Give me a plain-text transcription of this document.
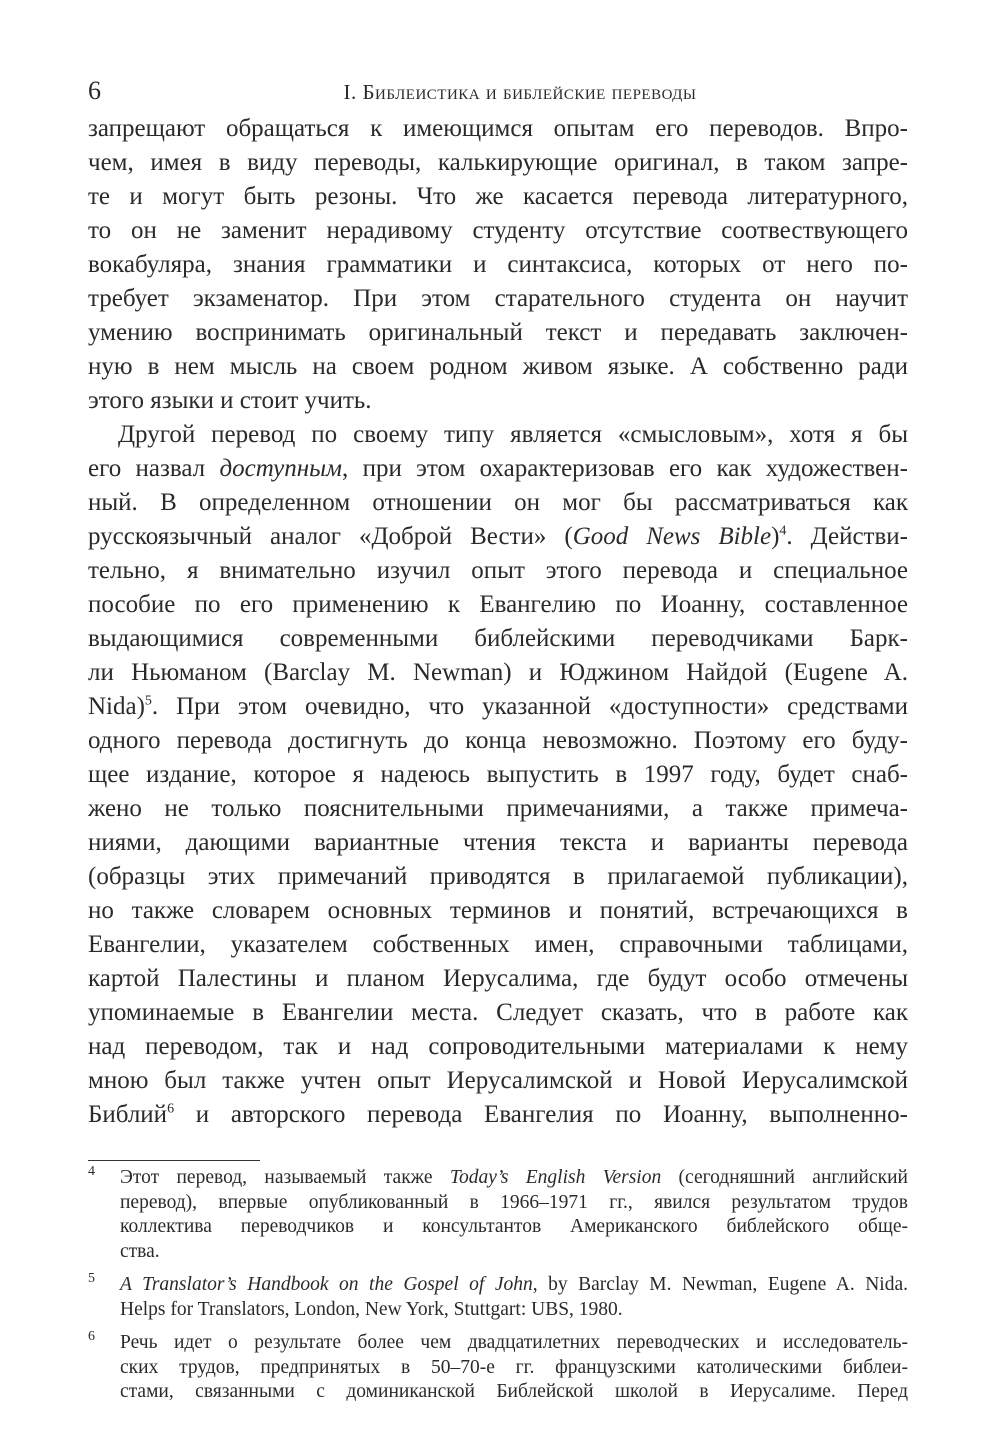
6	I. Библеистика и библейские переводы
запрещают обращаться к имеющимся опытам его переводов. Впро-
чем, имея в виду переводы, калькирующие оригинал, в таком запре-
те и могут быть резоны. Что же касается перевода литературного,
то он не заменит нерадивому студенту отсутствие соотвествующего
вокабуляра, знания грамматики и синтаксиса, которых от него по-
требует экзаменатор. При этом старательного студента он научит
умению воспринимать оригинальный текст и передавать заключен-
ную в нем мысль на своем родном живом языке. А собственно ради
этого языки и стоит учить.
Другой перевод по своему типу является «смысловым», хотя я бы
его назвал доступным, при этом охарактеризовав его как художествен-
ный. В определенном отношении он мог бы рассматриваться как
русскоязычный аналог «Доброй Вести» (Good News Bible)$^4$. Действи-
тельно, я внимательно изучил опыт этого перевода и специальное
пособие по его применению к Евангелию по Иоанну, составленное
выдающимися современными библейскими переводчиками Барк-
ли Ньюманом (Barclay M. Newman) и Юджином Найдой (Eugene A.
Nida)$^5$. При этом очевидно, что указанной «доступности» средствами
одного перевода достигнуть до конца невозможно. Поэтому его буду-
щее издание, которое я надеюсь выпустить в 1997 году, будет снаб-
жено не только пояснительными примечаниями, а также примеча-
ниями, дающими вариантные чтения текста и варианты перевода
(образцы этих примечаний приводятся в прилагаемой публикации),
но также словарем основных терминов и понятий, встречающихся в
Евангелии, указателем собственных имен, справочными таблицами,
картой Палестины и планом Иерусалима, где будут особо отмечены
упоминаемые в Евангелии места. Следует сказать, что в работе как
над переводом, так и над сопроводительными материалами к нему
мною был также учтен опыт Иерусалимской и Новой Иерусалимской
Библий$^6$ и авторского перевода Евангелия по Иоанну, выполненно-
4 Этот перевод, называемый также Today’s English Version (сегодняшний английский
перевод), впервые опубликованный в 1966–1971 гг., явился результатом трудов
коллектива переводчиков и консультантов Американского библейского обще-
ства.
5 A Translator’s Handbook on the Gospel of John, by Barclay M. Newman, Eugene A. Nida.
Helps for Translators, London, New York, Stuttgart: UBS, 1980.
6 Речь идет о результате более чем двадцатилетних переводческих и исследователь-
ских трудов, предпринятых в 50–70-е гг. французскими католическими библеи-
стами, связанными с доминиканской Библейской школой в Иерусалиме. Перед
